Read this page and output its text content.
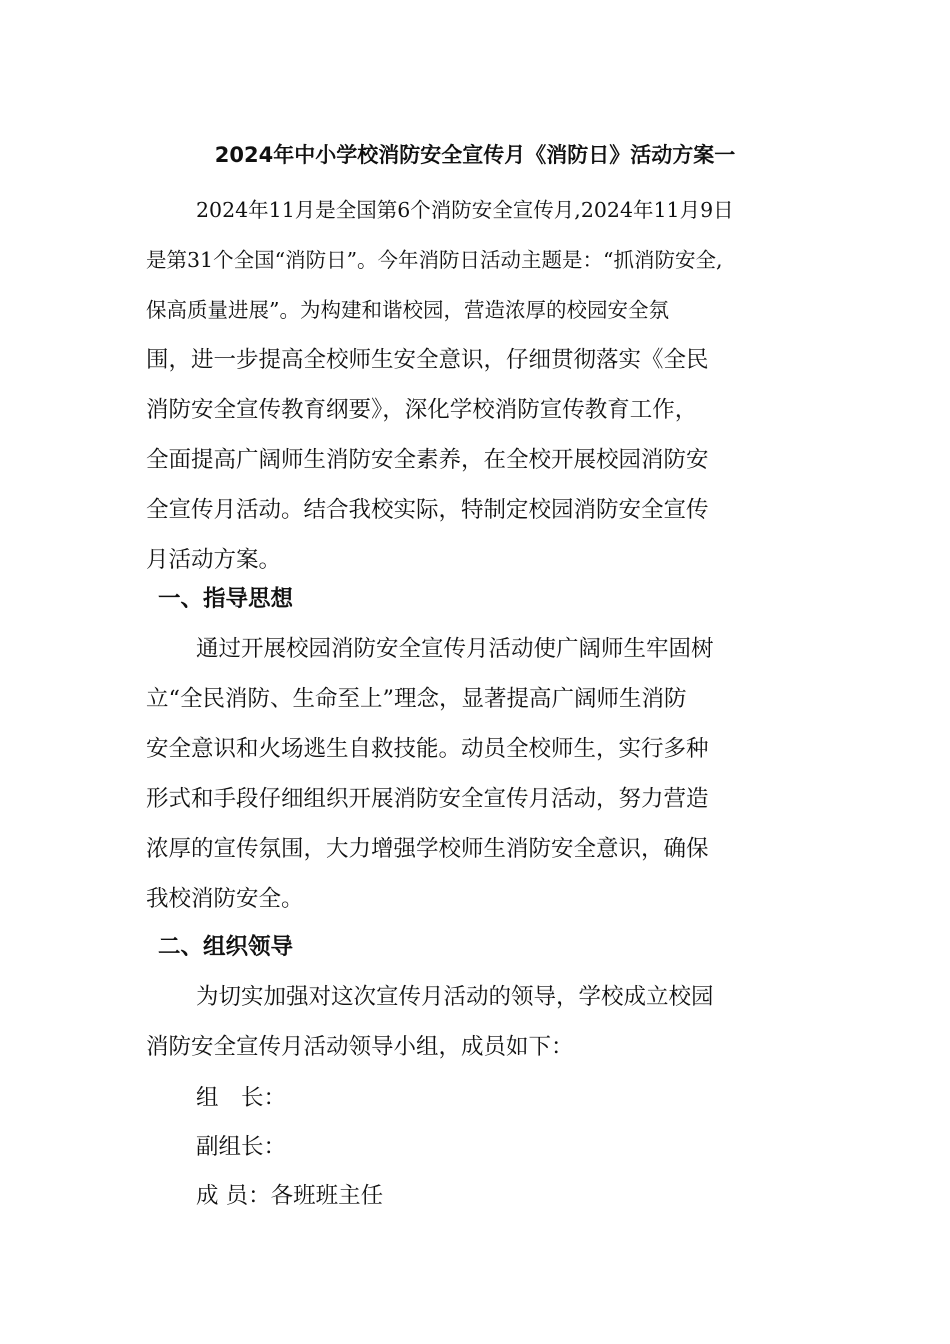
2024年中小学校消防安全宣传月《消防日》活动方案一
2024年11月是全国第6个消防安全宣传月,2024年11月9日
是第31个全国“消防日”。今年消防日活动主题是：“抓消防安全,
保高质量进展”。为构建和谐校园，营造浓厚的校园安全氛
围，进一步提高全校师生安全意识，仔细贯彻落实《全民
消防安全宣传教育纲要》，深化学校消防宣传教育工作，
全面提高广阔师生消防安全素养，在全校开展校园消防安
全宣传月活动。结合我校实际，特制定校园消防安全宣传
月活动方案。
一、指导思想
通过开展校园消防安全宣传月活动使广阔师生牢固树
立“全民消防、生命至上”理念，显著提高广阔师生消防
安全意识和火场逃生自救技能。动员全校师生，实行多种
形式和手段仔细组织开展消防安全宣传月活动，努力营造
浓厚的宣传氛围，大力增强学校师生消防安全意识，确保
我校消防安全。
二、组织领导
为切实加强对这次宣传月活动的领导，学校成立校园
消防安全宣传月活动领导小组，成员如下：
组　长：
副组长：
成 员：各班班主任
